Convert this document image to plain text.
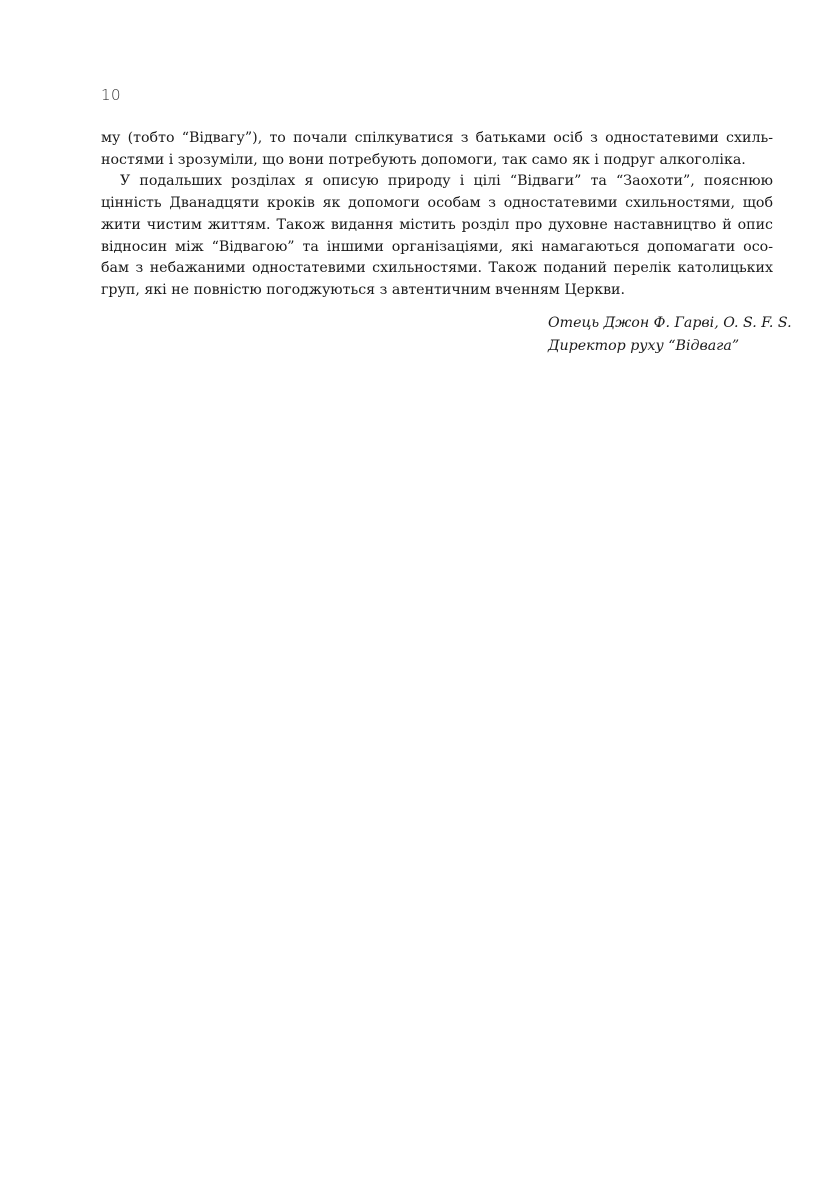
10
му (тобто “Відвагу”), то почали спілкуватися з батьками осіб з одностатевими схиль-
ностями і зрозуміли, що вони потребують допомоги, так само як і подруг алкоголіка.
У подальших розділах я описую природу і цілі “Відваги” та “Заохоти”, пояснюю
цінність Дванадцяти кроків як допомоги особам з одностатевими схильностями, щоб
жити чистим життям. Також видання містить розділ про духовне наставництво й опис
відносин між “Відвагою” та іншими організаціями, які намагаються допомагати осо-
бам з небажаними одностатевими схильностями. Також поданий перелік католицьких
груп, які не повністю погоджуються з автентичним вченням Церкви.
Отець Джон Ф. Гарві, O. S. F. S.
Директор руху “Відвага”
